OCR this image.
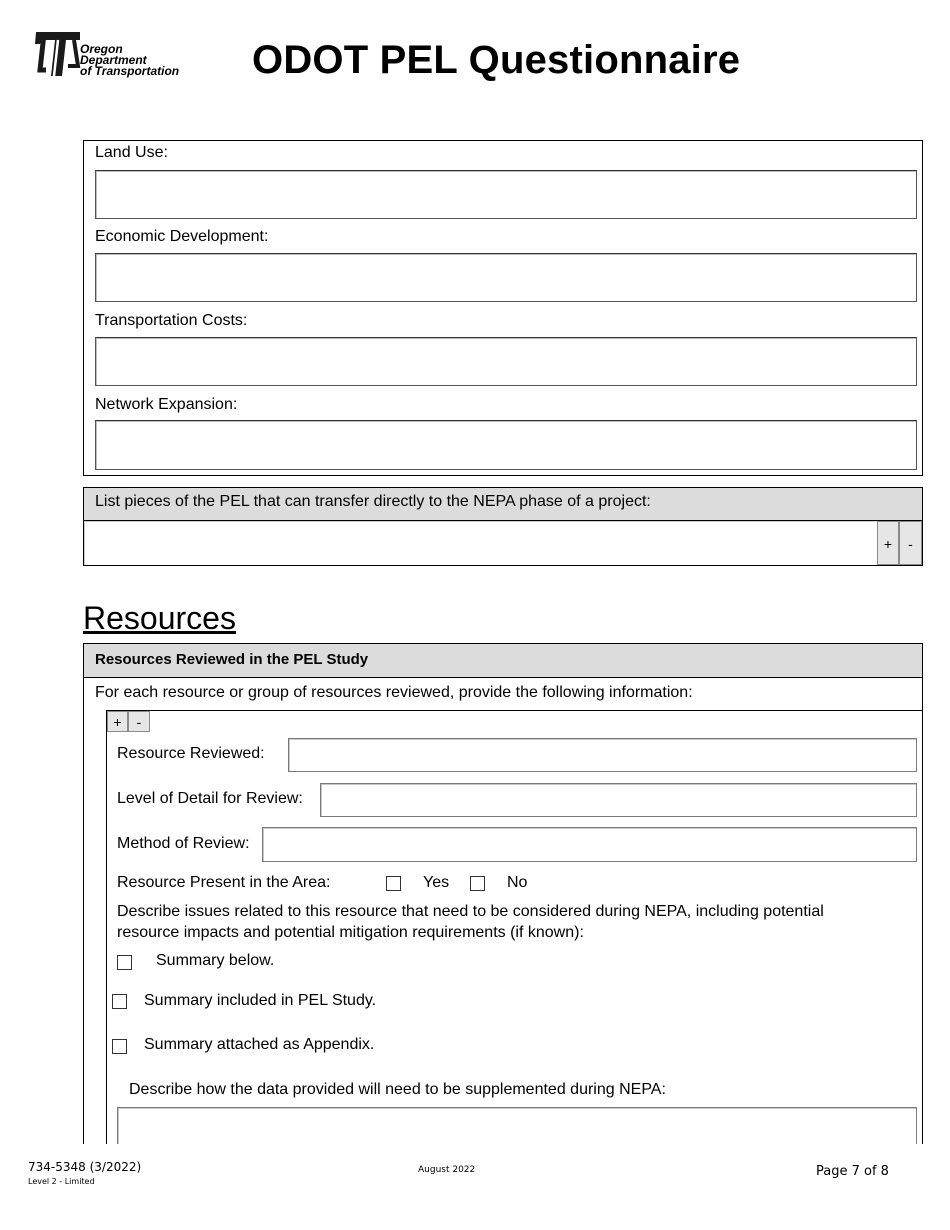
Oregon
Department
of Transportation ODOT PEL Questionnaire
Land Use:
Economic Development:
Transportation Costs:
Network Expansion:
List pieces of the PEL that can transfer directly to the NEPA phase of a project:
+	-
Resources
Resources Reviewed in the PEL Study
For each resource or group of resources reviewed, provide the following information:
+	-
Resource Reviewed:
Level of Detail for Review:
Method of Review:
Resource Present in the Area:	Yes	No
Describe issues related to this resource that need to be considered during NEPA, including potential
resource impacts and potential mitigation requirements (if known):
Summary below.
Summary included in PEL Study.
Summary attached as Appendix.
Describe how the data provided will need to be supplemented during NEPA:
734-5348 (3/2022)
Level 2 - Limited
August 2022	Page 7 of 8
